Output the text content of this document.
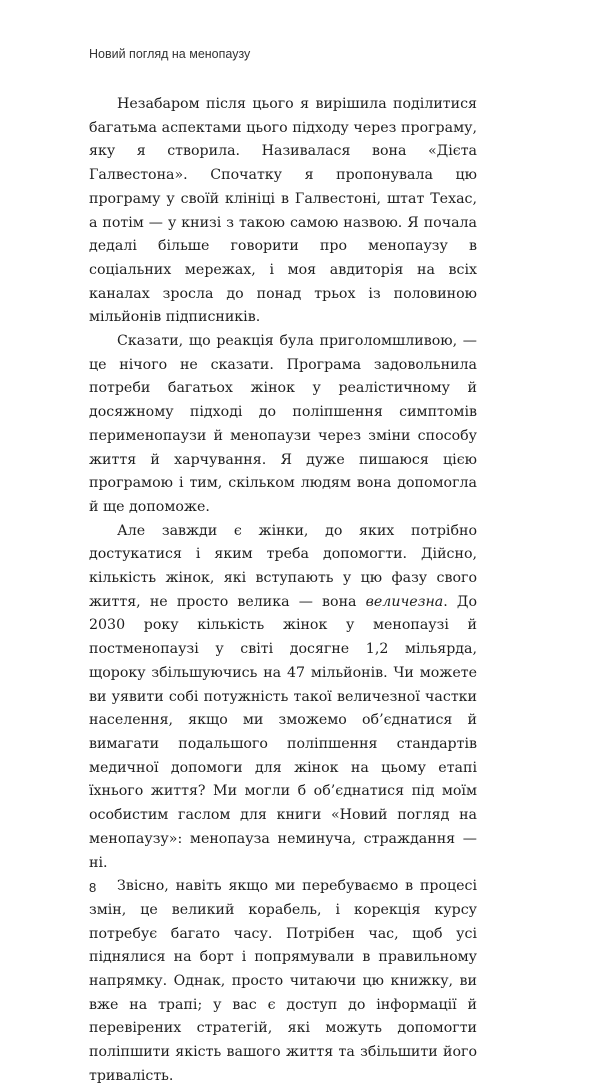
Новий погляд на менопаузу

Незабаром після цього я вирішила поділитися багатьма аспектами цього підходу через програму, яку я створила. Називалася вона «Дієта Галвестона». Спочатку я пропонувала цю програму у своїй клініці в Галвестоні, штат Техас, а потім — у книзі з такою самою назвою. Я почала дедалі більше говорити про менопаузу в соціальних мережах, і моя авдиторія на всіх каналах зросла до понад трьох із половиною мільйонів підписників.

Сказати, що реакція була приголомшливою, — це нічого не сказати. Програма задовольнила потреби багатьох жінок у реалістичному й досяжному підході до поліпшення симптомів перименопаузи й менопаузи через зміни способу життя й харчування. Я дуже пишаюся цією програмою і тим, скільком людям вона допомогла й ще допоможе.

Але завжди є жінки, до яких потрібно достукатися і яким треба допомогти. Дійсно, кількість жінок, які вступають у цю фазу свого життя, не просто велика — вона величезна. До 2030 року кількість жінок у менопаузі й постменопаузі у світі досягне 1,2 мільярда, щороку збільшуючись на 47 мільйонів. Чи можете ви уявити собі потужність такої величезної частки населення, якщо ми зможемо об’єднатися й вимагати подальшого поліпшення стандартів медичної допомоги для жінок на цьому етапі їхнього життя? Ми могли б об’єднатися під моїм особистим гаслом для книги «Новий погляд на менопаузу»: менопауза неминуча, страждання — ні.

Звісно, навіть якщо ми перебуваємо в процесі змін, це великий корабель, і корекція курсу потребує багато часу. Потрібен час, щоб усі піднялися на борт і попрямували в правильному напрямку. Однак, просто читаючи цю книжку, ви вже на трапі; у вас є доступ до інформації й перевірених стратегій, які можуть допомогти поліпшити якість вашого життя та збільшити його тривалість.

8
